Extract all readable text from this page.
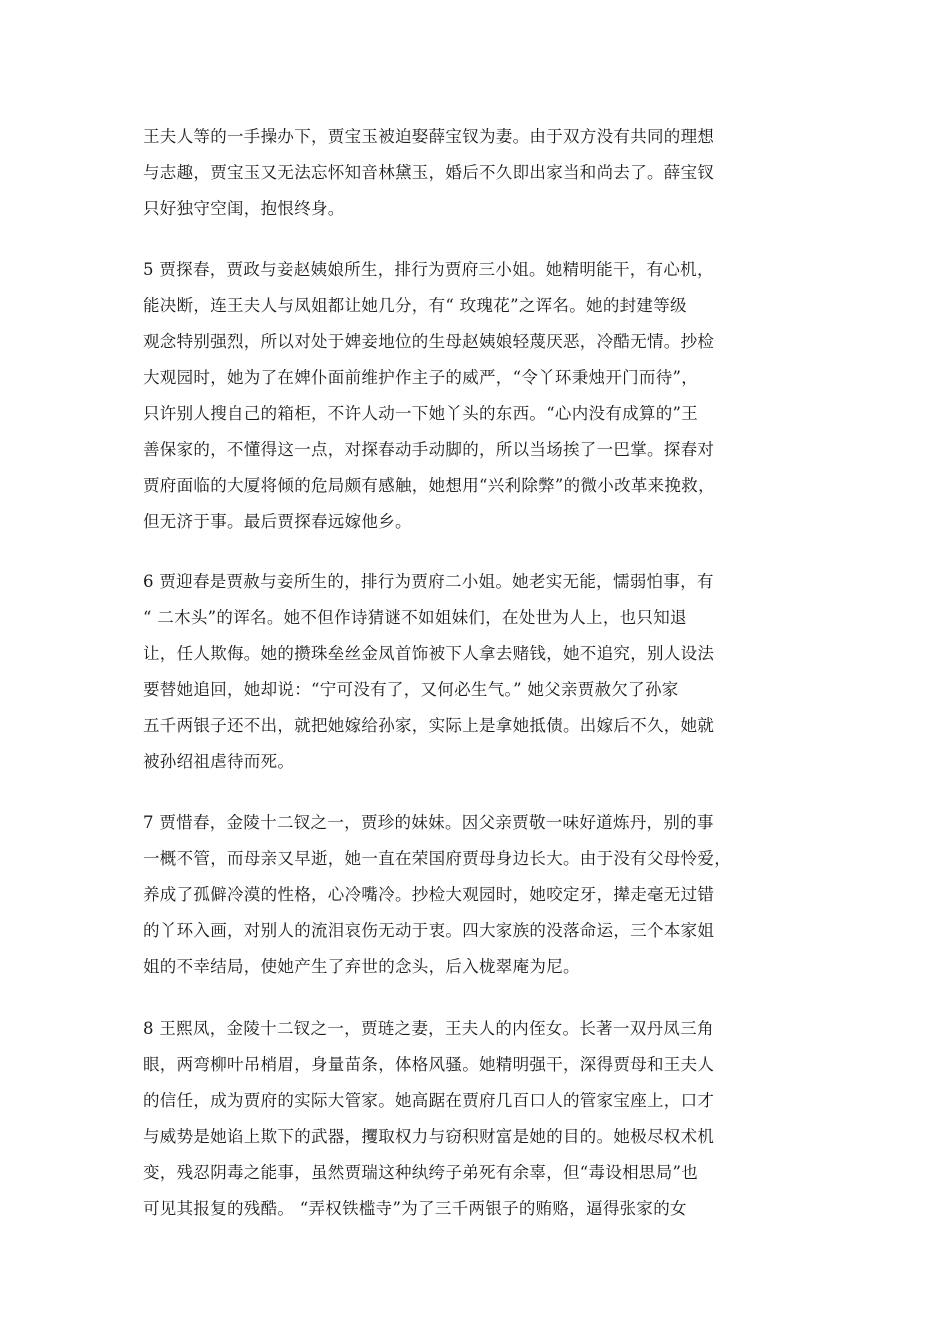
王夫人等的一手操办下，贾宝玉被迫娶薛宝钗为妻。由于双方没有共同的理想
与志趣，贾宝玉又无法忘怀知音林黛玉，婚后不久即出家当和尚去了。薛宝钗
只好独守空闺，抱恨终身。
5 贾探春，贾政与妾赵姨娘所生，排行为贾府三小姐。她精明能干，有心机，
能决断，连王夫人与凤姐都让她几分，有“ 玫瑰花”之诨名。她的封建等级
观念特别强烈，所以对处于婢妾地位的生母赵姨娘轻蔑厌恶，冷酷无情。抄检
大观园时，她为了在婢仆面前维护作主子的威严，“令丫环秉烛开门而待”，
只许别人搜自己的箱柜，不许人动一下她丫头的东西。“心内没有成算的”王
善保家的，不懂得这一点，对探春动手动脚的，所以当场挨了一巴掌。探春对
贾府面临的大厦将倾的危局颇有感触，她想用“兴利除弊”的微小改革来挽救，
但无济于事。最后贾探春远嫁他乡。
6 贾迎春是贾赦与妾所生的，排行为贾府二小姐。她老实无能，懦弱怕事，有
“ 二木头”的诨名。她不但作诗猜谜不如姐妹们，在处世为人上，也只知退
让，任人欺侮。她的攒珠垒丝金凤首饰被下人拿去赌钱，她不追究，别人设法
要替她追回，她却说：“宁可没有了，又何必生气。” 她父亲贾赦欠了孙家
五千两银子还不出，就把她嫁给孙家，实际上是拿她抵债。出嫁后不久，她就
被孙绍祖虐待而死。
7 贾惜春，金陵十二钗之一，贾珍的妹妹。因父亲贾敬一味好道炼丹，别的事
一概不管，而母亲又早逝，她一直在荣国府贾母身边长大。由于没有父母怜爱，
养成了孤僻冷漠的性格，心冷嘴冷。抄检大观园时，她咬定牙，撵走毫无过错
的丫环入画，对别人的流泪哀伤无动于衷。四大家族的没落命运，三个本家姐
姐的不幸结局，使她产生了弃世的念头，后入栊翠庵为尼。
8 王熙凤，金陵十二钗之一，贾琏之妻，王夫人的内侄女。长著一双丹凤三角
眼，两弯柳叶吊梢眉，身量苗条，体格风骚。她精明强干，深得贾母和王夫人
的信任，成为贾府的实际大管家。她高踞在贾府几百口人的管家宝座上，口才
与威势是她谄上欺下的武器，攫取权力与窃积财富是她的目的。她极尽权术机
变，残忍阴毒之能事，虽然贾瑞这种纨绔子弟死有余辜，但“毒设相思局”也
可见其报复的残酷。 “弄权铁槛寺”为了三千两银子的贿赂，逼得张家的女
